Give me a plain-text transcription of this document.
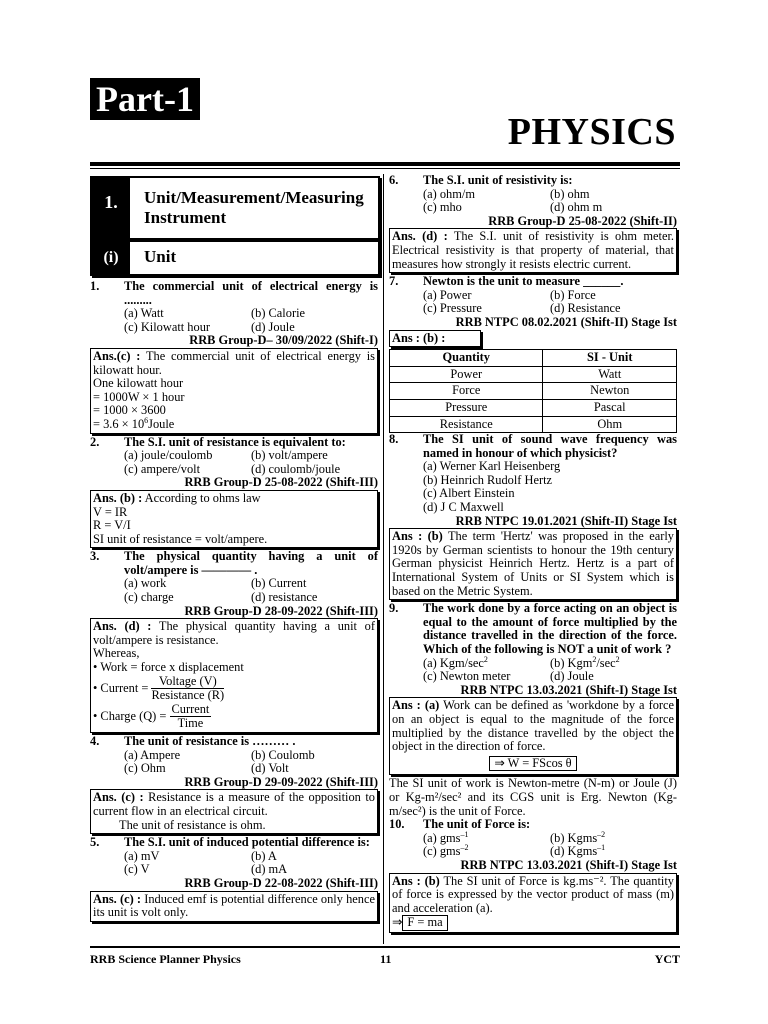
Part-1
PHYSICS
1.	Unit/Measurement/Measuring Instrument
(i)	Unit
1.	The commercial unit of electrical energy is .........
(a) Watt	(b) Calorie
(c) Kilowatt hour	(d) Joule
RRB Group-D– 30/09/2022 (Shift-I)
Ans.(c) : The commercial unit of electrical energy is kilowatt hour.
One kilowatt hour
= 1000W × 1 hour
= 1000 × 3600
= $3.6 \times 10^6Joule$
2.	The S.I. unit of resistance is equivalent to:
(a) joule/coulomb	(b) volt/ampere
(c) ampere/volt	(d) coulomb/joule
RRB Group-D 25-08-2022 (Shift-III)
Ans. (b) : According to ohms law
V = IR
R = V/I
SI unit of resistance = volt/ampere.
3.	The physical quantity having a unit of volt/ampere is ———— .
(a) work	(b) Current
(c) charge	(d) resistance
RRB Group-D 28-09-2022 (Shift-III)
Ans. (d) : The physical quantity having a unit of volt/ampere is resistance.
Whereas,
• Work = force x displacement
• Current = $\frac{\text{Voltage (V)}}{\text{Resistance (R)}}$

• Charge $(Q) = \frac{\text{Current}}{\text{Time}}$
4.	The unit of resistance is ……… .
(a) Ampere	(b) Coulomb
(c) Ohm	(d) Volt
RRB Group-D 29-09-2022 (Shift-III)
Ans. (c) : Resistance is a measure of the opposition to current flow in an electrical circuit.
The unit of resistance is ohm.
5.	The S.I. unit of induced potential difference is:
(a) mV	(b) A
(c) V	(d) mA
RRB Group-D 22-08-2022 (Shift-III)
Ans. (c) : Induced emf is potential difference only hence its unit is volt only.
6.	The S.I. unit of resistivity is:
(a) ohm/m	(b) ohm
(c) mho	(d) ohm m
RRB Group-D 25-08-2022 (Shift-II)
Ans. (d) : The S.I. unit of resistivity is ohm meter. Electrical resistivity is that property of material, that measures how strongly it resists electric current.
7.	Newton is the unit to measure ______.
(a) Power	(b) Force
(c) Pressure	(d) Resistance
RRB NTPC 08.02.2021 (Shift-II) Stage Ist
Ans : (b) :
Quantity	SI - Unit
Power	Watt
Force	Newton
Pressure	Pascal
Resistance	Ohm
8.	The SI unit of sound wave frequency was named in honour of which physicist?
(a) Werner Karl Heisenberg
(b) Heinrich Rudolf Hertz
(c) Albert Einstein
(d) J C Maxwell
RRB NTPC 19.01.2021 (Shift-II) Stage Ist
Ans : (b) The term 'Hertz' was proposed in the early 1920s by German scientists to honour the 19th century German physicist Heinrich Hertz. Hertz is a part of International System of Units or SI System which is based on the Metric System.
9.	The work done by a force acting on an object is equal to the amount of force multiplied by the distance travelled in the direction of the force. Which of the following is NOT a unit of work ?
(a) Kgm/$\sec^2$	(b) $Kgm^2/\sec^2$
(c) Newton meter	(d) Joule
RRB NTPC 13.03.2021 (Shift-I) Stage Ist
Ans : (a) Work can be defined as 'workdone by a force on an object is equal to the magnitude of the force multiplied by the distance travelled by the object the object in the direction of force.
⇒ W = FScos θ
The SI unit of work is Newton-metre (N-m) or Joule (J) or Kg-m²/sec² and its CGS unit is Erg. Newton (Kg-m/sec²) is the unit of Force.
10.	The unit of Force is:
(a) gms$^{-1}$	(b) Kgms$^{-2}$
(c) gms$^{-2}$	(d) Kgms$^{-1}$
RRB NTPC 13.03.2021 (Shift-I) Stage Ist
Ans : (b) The SI unit of Force is kg.ms⁻². The quantity of force is expressed by the vector product of mass (m) and acceleration (a).
⇒ F = ma
RRB Science Planner Physics	11	YCT
